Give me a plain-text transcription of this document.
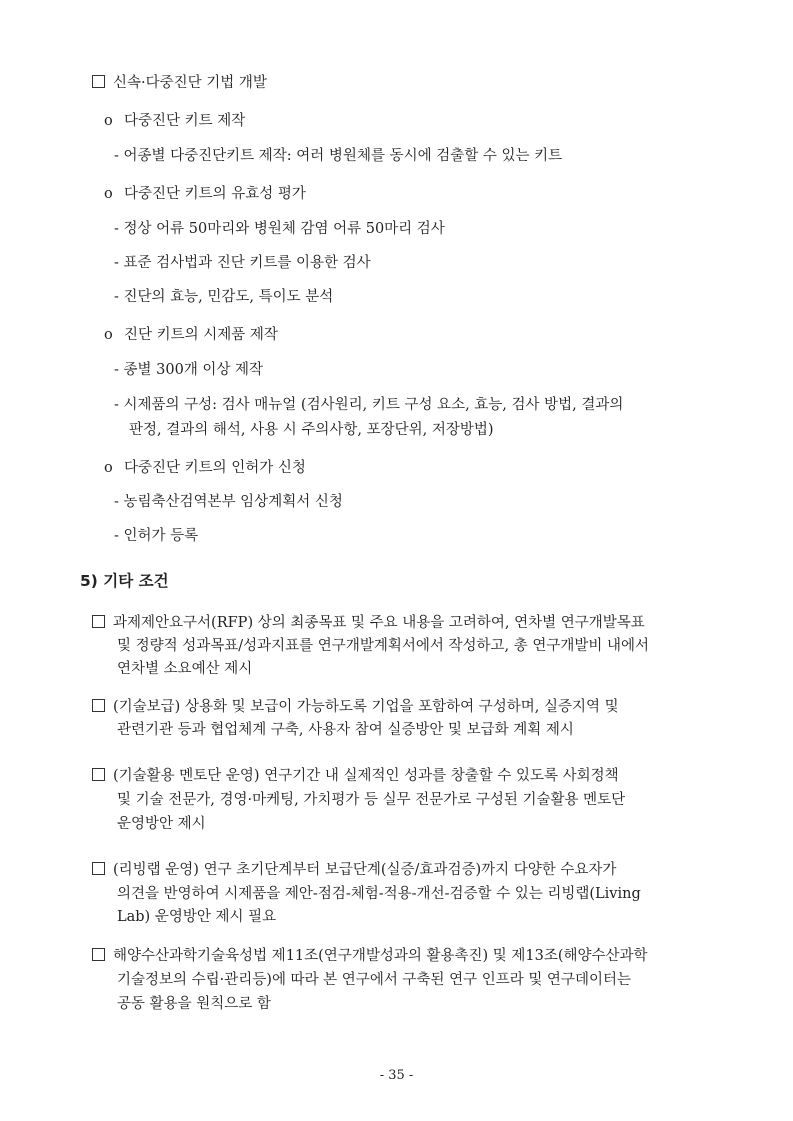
신속·다중진단 기법 개발
o 다중진단 키트 제작
- 어종별 다중진단키트 제작: 여러 병원체를 동시에 검출할 수 있는 키트
o 다중진단 키트의 유효성 평가
- 정상 어류 50마리와 병원체 감염 어류 50마리 검사
- 표준 검사법과 진단 키트를 이용한 검사
- 진단의 효능, 민감도, 특이도 분석
o 진단 키트의 시제품 제작
- 종별 300개 이상 제작
- 시제품의 구성: 검사 매뉴얼 (검사원리, 키트 구성 요소, 효능, 검사 방법, 결과의
판정, 결과의 해석, 사용 시 주의사항, 포장단위, 저장방법)
o 다중진단 키트의 인허가 신청
- 농림축산검역본부 임상계획서 신청
- 인허가 등록
5) 기타 조건
과제제안요구서(RFP) 상의 최종목표 및 주요 내용을 고려하여, 연차별 연구개발목표
및 정량적 성과목표/성과지표를 연구개발계획서에서 작성하고, 총 연구개발비 내에서
연차별 소요예산 제시
(기술보급) 상용화 및 보급이 가능하도록 기업을 포함하여 구성하며, 실증지역 및
관련기관 등과 협업체계 구축, 사용자 참여 실증방안 및 보급화 계획 제시
(기술활용 멘토단 운영) 연구기간 내 실제적인 성과를 창출할 수 있도록 사회정책
및 기술 전문가, 경영·마케팅, 가치평가 등 실무 전문가로 구성된 기술활용 멘토단
운영방안 제시
(리빙랩 운영) 연구 초기단계부터 보급단계(실증/효과검증)까지 다양한 수요자가
의견을 반영하여 시제품을 제안-점검-체험-적용-개선-검증할 수 있는 리빙랩(Living
Lab) 운영방안 제시 필요
해양수산과학기술육성법 제11조(연구개발성과의 활용촉진) 및 제13조(해양수산과학
기술정보의 수립·관리등)에 따라 본 연구에서 구축된 연구 인프라 및 연구데이터는
공동 활용을 원칙으로 함
- 35 -
